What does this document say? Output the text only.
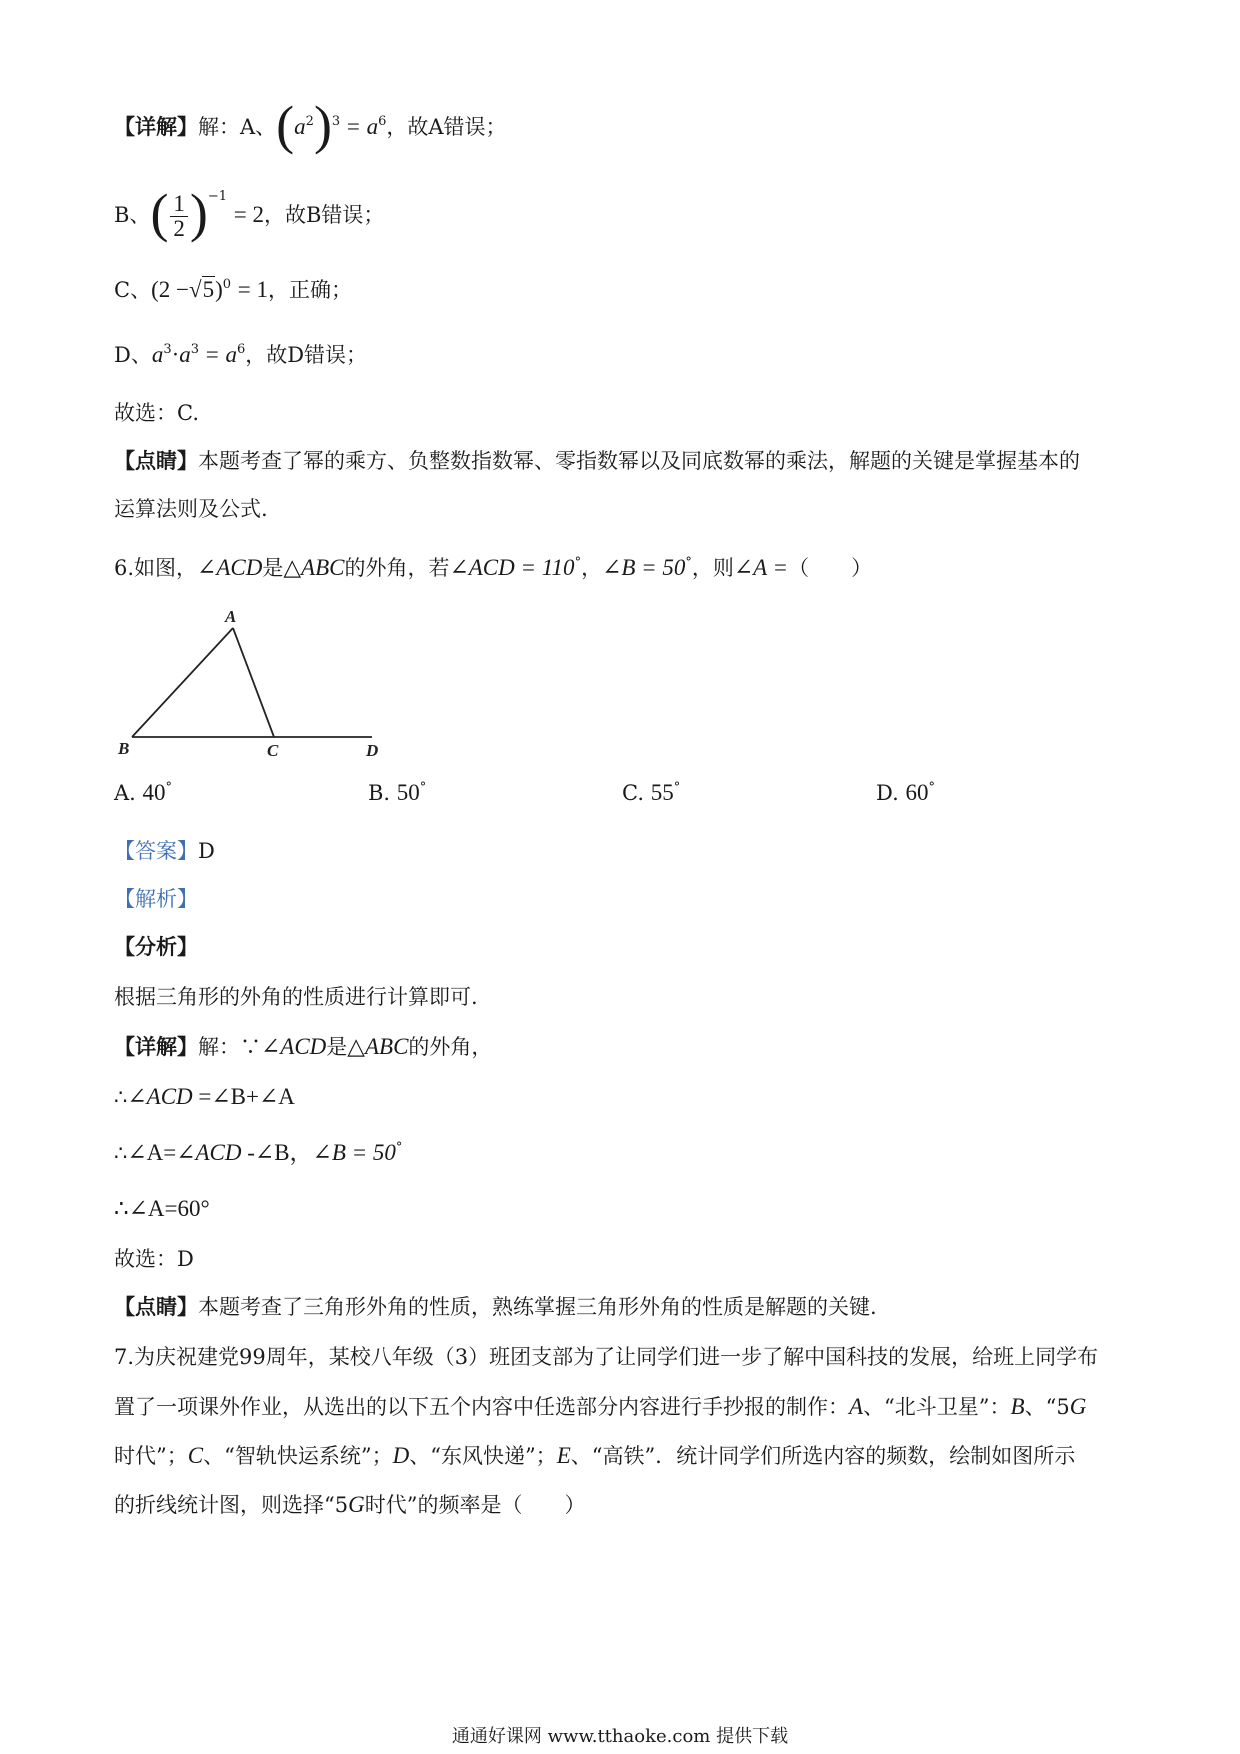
【详解】解：A、$(a^2)^3 = a^6$，故A错误；
B、( $\frac{1}{2} )^{-1} = 2$，故B错误；
C、$(2 -√5)^0 = 1$，正确；
D、$a^3\cdot a^3 = a^6$，故D错误；
故选：C.
【点睛】本题考查了幂的乘方、负整数指数幂、零指数幂以及同底数幂的乘法，解题的关键是掌握基本的
运算法则及公式.
6.如图，∠ACD是△ABC的外角，若∠ACD = 110°，∠B = 50°，则∠A =（　　）
A
B	C	D
A. 40°	B. 50°	C. 55°	D. 60°
【答案】D
【解析】
【分析】
根据三角形的外角的性质进行计算即可.
【详解】解：∵∠ACD是△ABC的外角，
∴∠ACD =∠B+∠A
∴∠A=∠ACD -∠B，∠B = 50°
∴∠A=60°
故选：D
【点睛】本题考查了三角形外角的性质，熟练掌握三角形外角的性质是解题的关键.
7.为庆祝建党99周年，某校八年级（3）班团支部为了让同学们进一步了解中国科技的发展，给班上同学布
置了一项课外作业，从选出的以下五个内容中任选部分内容进行手抄报的制作：A、“北斗卫星”：B、“5G
时代”；C、“智轨快运系统”；D、“东风快递”；E、“高铁”．统计同学们所选内容的频数，绘制如图所示
的折线统计图，则选择“5G时代”的频率是（　　）
通通好课网 www.tthaoke.com 提供下载
